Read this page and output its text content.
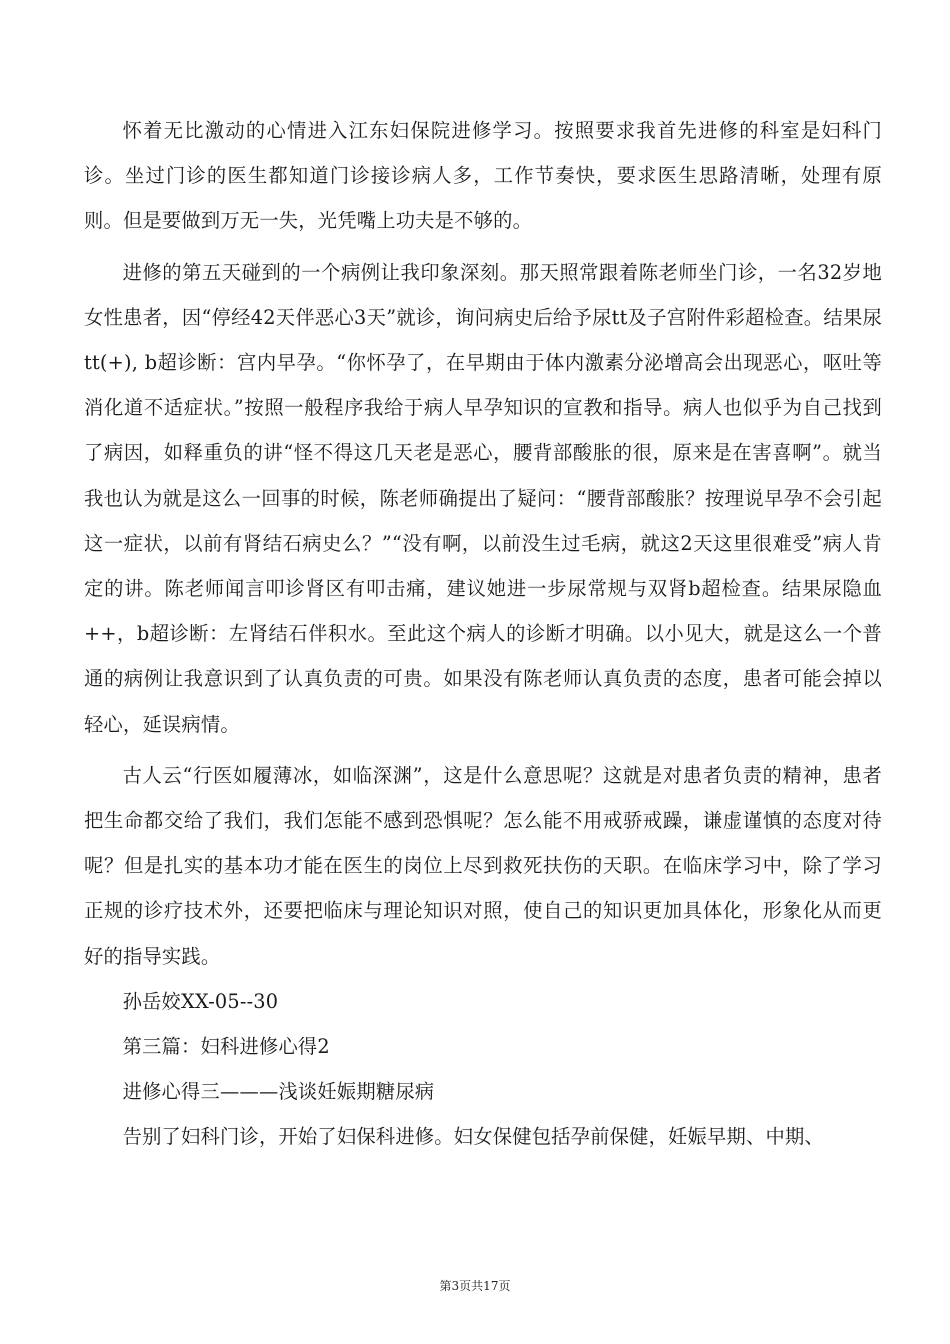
怀着无比激动的心情进入江东妇保院进修学习。按照要求我首先进修的科室是妇科门诊。坐过门诊的医生都知道门诊接诊病人多，工作节奏快，要求医生思路清晰，处理有原则。但是要做到万无一失，光凭嘴上功夫是不够的。

进修的第五天碰到的一个病例让我印象深刻。那天照常跟着陈老师坐门诊，一名32岁地女性患者，因“停经42天伴恶心3天”就诊，询问病史后给予尿tt及子宫附件彩超检查。结果尿tt(+), b超诊断：宫内早孕。“你怀孕了，在早期由于体内激素分泌增高会出现恶心，呕吐等消化道不适症状。”按照一般程序我给于病人早孕知识的宣教和指导。病人也似乎为自己找到了病因，如释重负的讲“怪不得这几天老是恶心，腰背部酸胀的很，原来是在害喜啊”。就当我也认为就是这么一回事的时候，陈老师确提出了疑问：“腰背部酸胀？按理说早孕不会引起这一症状，以前有肾结石病史么？”“没有啊，以前没生过毛病，就这2天这里很难受”病人肯定的讲。陈老师闻言叩诊肾区有叩击痛，建议她进一步尿常规与双肾b超检查。结果尿隐血++，b超诊断：左肾结石伴积水。至此这个病人的诊断才明确。以小见大，就是这么一个普通的病例让我意识到了认真负责的可贵。如果没有陈老师认真负责的态度，患者可能会掉以轻心，延误病情。

古人云“行医如履薄冰，如临深渊”，这是什么意思呢？这就是对患者负责的精神，患者把生命都交给了我们，我们怎能不感到恐惧呢？怎么能不用戒骄戒躁，谦虚谨慎的态度对待呢？但是扎实的基本功才能在医生的岗位上尽到救死扶伤的天职。在临床学习中，除了学习正规的诊疗技术外，还要把临床与理论知识对照，使自己的知识更加具体化，形象化从而更好的指导实践。

孙岳姣XX-05--30

第三篇：妇科进修心得2

进修心得三———浅谈妊娠期糖尿病

告别了妇科门诊，开始了妇保科进修。妇女保健包括孕前保健，妊娠早期、中期、

第3页共17页
